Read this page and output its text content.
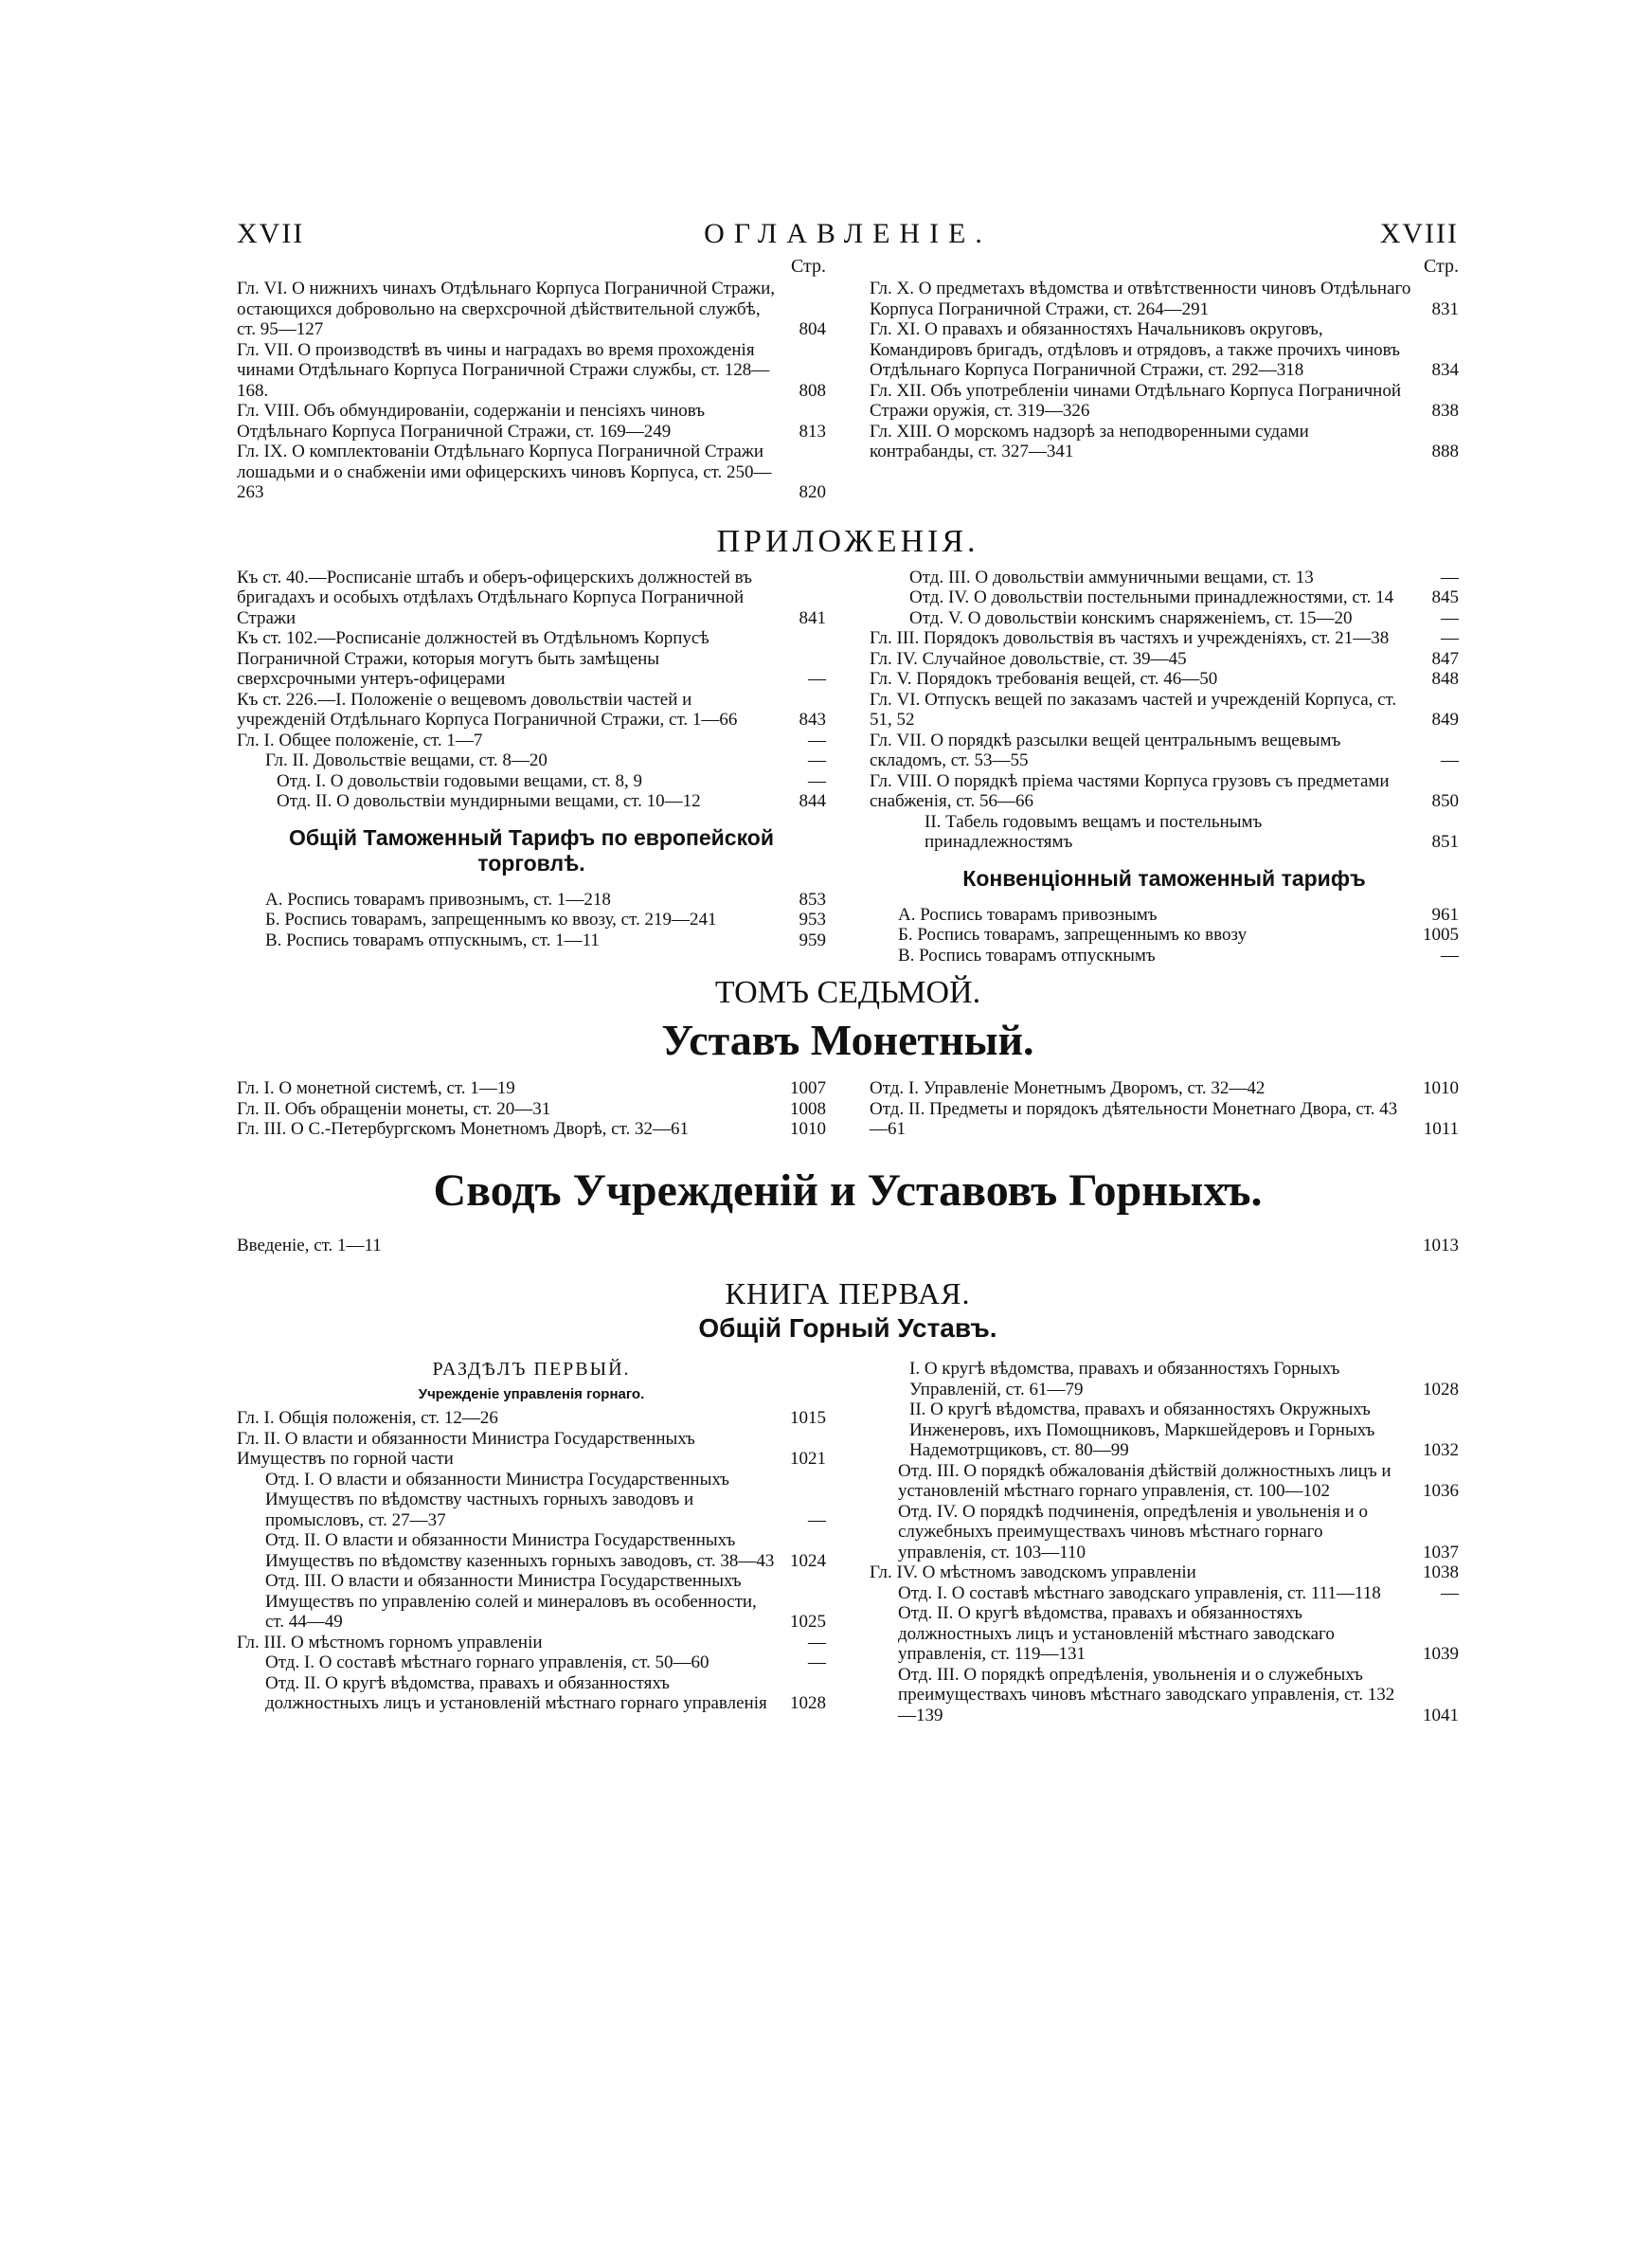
XVII	ОГЛАВЛЕНІЕ.	XVIII
Стр.
Гл. VI. О нижнихъ чинахъ Отдѣльнаго Корпуса Пограничной Стражи, остающихся добровольно на сверхсрочной дѣйствительной службѣ, ст. 95—127	804
Гл. VII. О производствѣ въ чины и наградахъ во время прохожденія чинами Отдѣльнаго Корпуса Пограничной Стражи службы, ст. 128—168.	808
Гл. VIII. Объ обмундированіи, содержаніи и пенсіяхъ чиновъ Отдѣльнаго Корпуса Пограничной Стражи, ст. 169—249	813
Гл. IX. О комплектованіи Отдѣльнаго Корпуса Пограничной Стражи лошадьми и о снабженіи ими офицерскихъ чиновъ Корпуса, ст. 250—263	820
Стр.
Гл. X. О предметахъ вѣдомства и отвѣтственности чиновъ Отдѣльнаго Корпуса Пограничной Стражи, ст. 264—291	831
Гл. XI. О правахъ и обязанностяхъ Начальниковъ округовъ, Командировъ бригадъ, отдѣловъ и отрядовъ, а также прочихъ чиновъ Отдѣльнаго Корпуса Пограничной Стражи, ст. 292—318	834
Гл. XII. Объ употребленіи чинами Отдѣльнаго Корпуса Пограничной Стражи оружія, ст. 319—326	838
Гл. XIII. О морскомъ надзорѣ за неподворенными судами контрабанды, ст. 327—341	888
ПРИЛОЖЕНІЯ.
Къ ст. 40.—Росписаніе штабъ и оберъ-офицерскихъ должностей въ бригадахъ и особыхъ отдѣлахъ Отдѣльнаго Корпуса Пограничной Стражи	841
Къ ст. 102.—Росписаніе должностей въ Отдѣльномъ Корпусѣ Пограничной Стражи, которыя могутъ быть замѣщены сверхсрочными унтеръ-офицерами	—
Къ ст. 226.—I. Положеніе о вещевомъ довольствіи частей и учрежденій Отдѣльнаго Корпуса Пограничной Стражи, ст. 1—66	843
Гл. I. Общее положеніе, ст. 1—7	—
Гл. II. Довольствіе вещами, ст. 8—20	—
Отд. I. О довольствіи годовыми вещами, ст. 8, 9	—
Отд. II. О довольствіи мундирными вещами, ст. 10—12	844
Общій Таможенный Тарифъ по европейской торговлѣ.
А. Роспись товарамъ привознымъ, ст. 1—218	853
Б. Роспись товарамъ, запрещеннымъ ко ввозу, ст. 219—241	953
В. Роспись товарамъ отпускнымъ, ст. 1—11	959
Отд. III. О довольствіи аммуничными вещами, ст. 13	—
Отд. IV. О довольствіи постельными принадлежностями, ст. 14	845
Отд. V. О довольствіи конскимъ снаряженіемъ, ст. 15—20	—
Гл. III. Порядокъ довольствія въ частяхъ и учрежденіяхъ, ст. 21—38	—
Гл. IV. Случайное довольствіе, ст. 39—45	847
Гл. V. Порядокъ требованія вещей, ст. 46—50	848
Гл. VI. Отпускъ вещей по заказамъ частей и учрежденій Корпуса, ст. 51, 52	849
Гл. VII. О порядкѣ разсылки вещей центральнымъ вещевымъ складомъ, ст. 53—55	—
Гл. VIII. О порядкѣ пріема частями Корпуса грузовъ съ предметами снабженія, ст. 56—66	850
II. Табель годовымъ вещамъ и постельнымъ принадлежностямъ	851
Конвенціонный таможенный тарифъ
А. Роспись товарамъ привознымъ	961
Б. Роспись товарамъ, запрещеннымъ ко ввозу	1005
В. Роспись товарамъ отпускнымъ	—
ТОМЪ СЕДЬМОЙ.
Уставъ Монетный.
Гл. I. О монетной системѣ, ст. 1—19	1007
Гл. II. Объ обращеніи монеты, ст. 20—31	1008
Гл. III. О С.-Петербургскомъ Монетномъ Дворѣ, ст. 32—61	1010
Отд. I. Управленіе Монетнымъ Дворомъ, ст. 32—42	1010
Отд. II. Предметы и порядокъ дѣятельности Монетнаго Двора, ст. 43—61	1011
Сводъ Учрежденій и Уставовъ Горныхъ.
Введеніе, ст. 1—11	1013
КНИГА ПЕРВАЯ.
Общій Горный Уставъ.
РАЗДѢЛЪ ПЕРВЫЙ.
Учрежденіе управленія горнаго.
Гл. I. Общія положенія, ст. 12—26	1015
Гл. II. О власти и обязанности Министра Государственныхъ Имуществъ по горной части	1021
Отд. I. О власти и обязанности Министра Государственныхъ Имуществъ по вѣдомству частныхъ горныхъ заводовъ и промысловъ, ст. 27—37	—
Отд. II. О власти и обязанности Министра Государственныхъ Имуществъ по вѣдомству казенныхъ горныхъ заводовъ, ст. 38—43 1024
Отд. III. О власти и обязанности Министра Государственныхъ Имуществъ по управленію солей и минераловъ въ особенности, ст. 44—49	1025
Гл. III. О мѣстномъ горномъ управленіи	—
Отд. I. О составѣ мѣстнаго горнаго управленія, ст. 50—60	—
Отд. II. О кругѣ вѣдомства, правахъ и обязанностяхъ должностныхъ лицъ и установленій мѣстнаго горнаго управленія	1028
I. О кругѣ вѣдомства, правахъ и обязанностяхъ Горныхъ Управленій, ст. 61—79	1028
II. О кругѣ вѣдомства, правахъ и обязанностяхъ Окружныхъ Инженеровъ, ихъ Помощниковъ, Маркшейдеровъ и Горныхъ Надемотрщиковъ, ст. 80—99	1032
Отд. III. О порядкѣ обжалованія дѣйствій должностныхъ лицъ и установленій мѣстнаго горнаго управленія, ст. 100—102	1036
Отд. IV. О порядкѣ подчиненія, опредѣленія и увольненія и о служебныхъ преимуществахъ чиновъ мѣстнаго горнаго управленія, ст. 103—110	1037
Гл. IV. О мѣстномъ заводскомъ управленіи	1038
Отд. I. О составѣ мѣстнаго заводскаго управленія, ст. 111—118	—
Отд. II. О кругѣ вѣдомства, правахъ и обязанностяхъ должностныхъ лицъ и установленій мѣстнаго заводскаго управленія, ст. 119—131	1039
Отд. III. О порядкѣ опредѣленія, увольненія и о служебныхъ преимуществахъ чиновъ мѣстнаго заводскаго управленія, ст. 132—139	1041
